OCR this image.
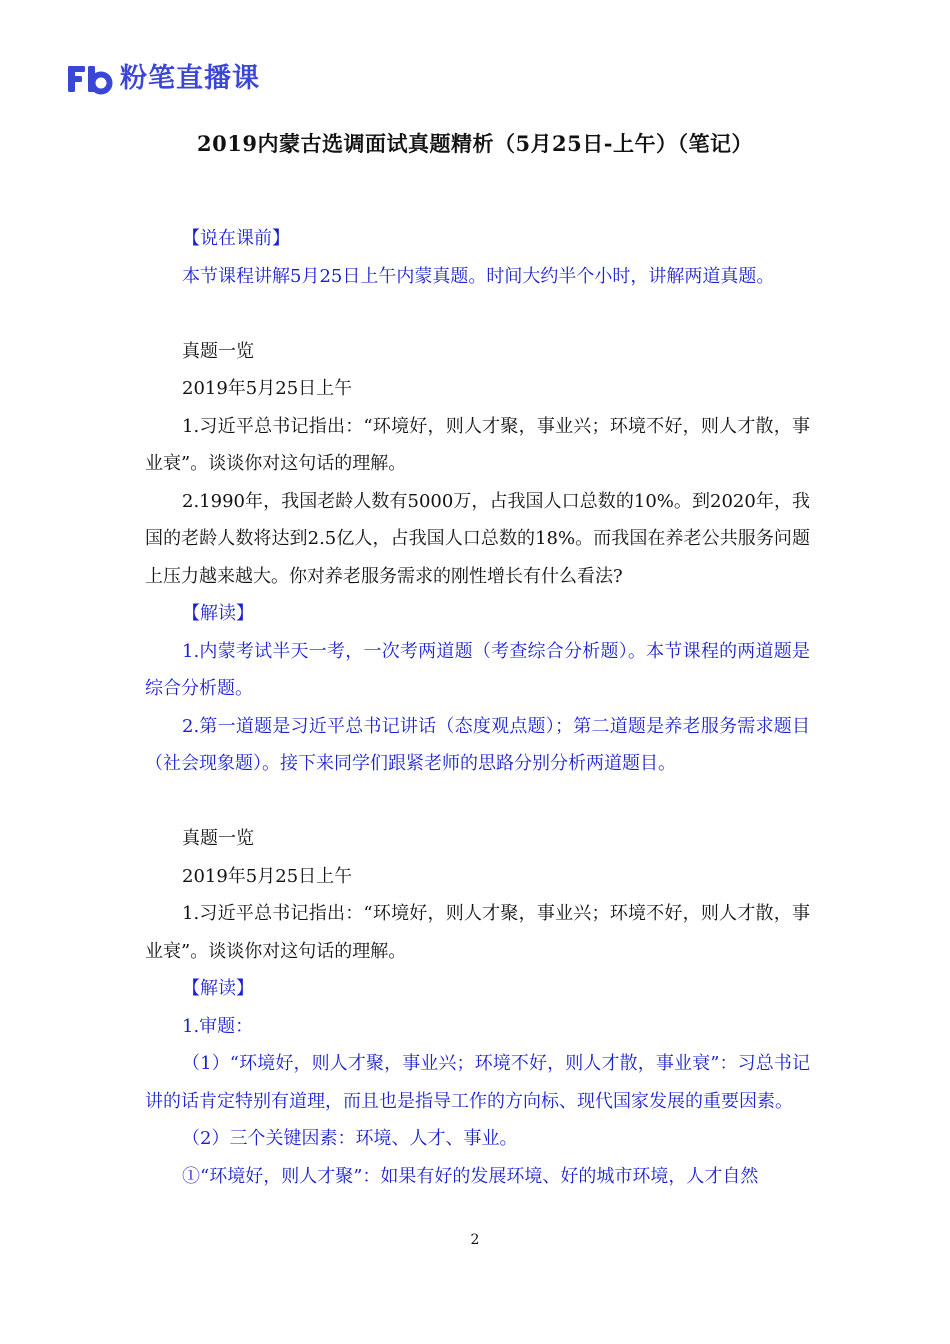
粉笔直播课
2019内蒙古选调面试真题精析（5月25日-上午）（笔记）

【说在课前】

本节课程讲解5月25日上午内蒙真题。时间大约半个小时，讲解两道真题。

真题一览

2019年5月25日上午

1.习近平总书记指出：“环境好，则人才聚，事业兴；环境不好，则人才散，事业衰”。谈谈你对这句话的理解。

2.1990年，我国老龄人数有5000万，占我国人口总数的10%。到2020年，我国的老龄人数将达到2.5亿人，占我国人口总数的18%。而我国在养老公共服务问题上压力越来越大。你对养老服务需求的刚性增长有什么看法?

【解读】

1.内蒙考试半天一考，一次考两道题（考查综合分析题）。本节课程的两道题是综合分析题。

2.第一道题是习近平总书记讲话（态度观点题）；第二道题是养老服务需求题目（社会现象题）。接下来同学们跟紧老师的思路分别分析两道题目。

真题一览

2019年5月25日上午

1.习近平总书记指出：“环境好，则人才聚，事业兴；环境不好，则人才散，事业衰”。谈谈你对这句话的理解。

【解读】

1.审题：

（1）“环境好，则人才聚，事业兴；环境不好，则人才散，事业衰”：习总书记讲的话肯定特别有道理，而且也是指导工作的方向标、现代国家发展的重要因素。

（2）三个关键因素：环境、人才、事业。

①“环境好，则人才聚”：如果有好的发展环境、好的城市环境，人才自然

2
